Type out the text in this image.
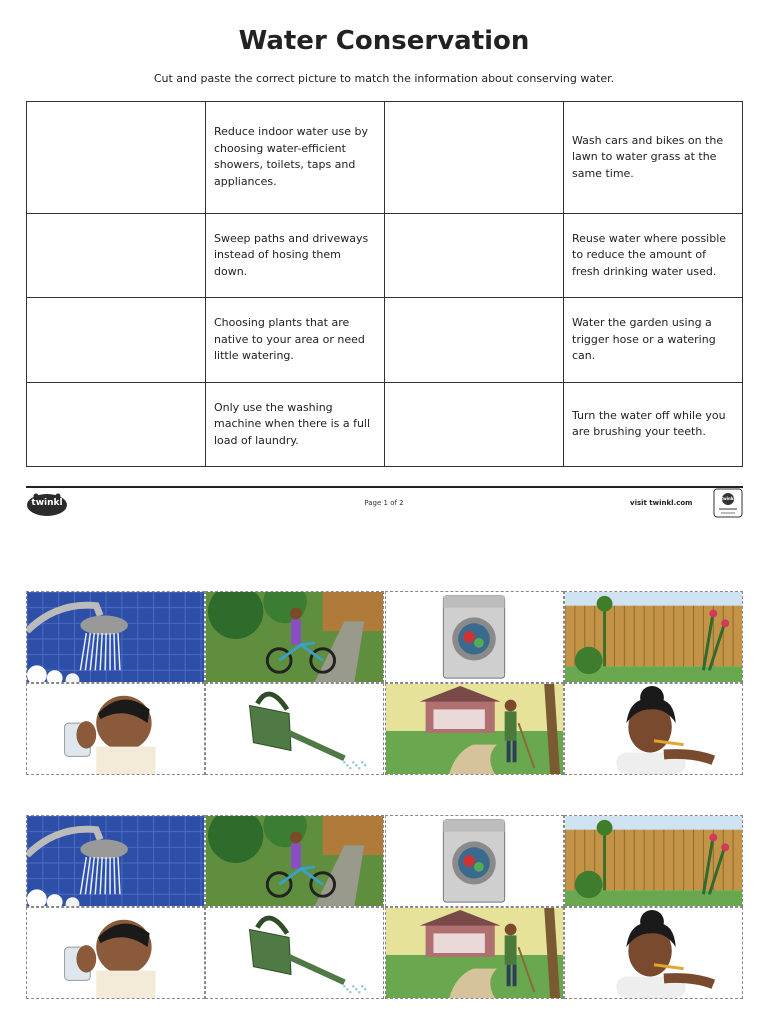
Water Conservation
Cut and paste the correct picture to match the information about conserving water.
	Reduce indoor water use by choosing water-efficient showers, toilets, taps and appliances.		Wash cars and bikes on the lawn to water grass at the same time.
	Sweep paths and driveways instead of hosing them down.		Reuse water where possible to reduce the amount of fresh drinking water used.
	Choosing plants that are native to your area or need little watering.		Water the garden using a trigger hose or a watering can.
	Only use the washing machine when there is a full load of laundry.		Turn the water off while you are brushing your teeth.
twinkl	Page 1 of 2	visit twinkl.com
twinkl
